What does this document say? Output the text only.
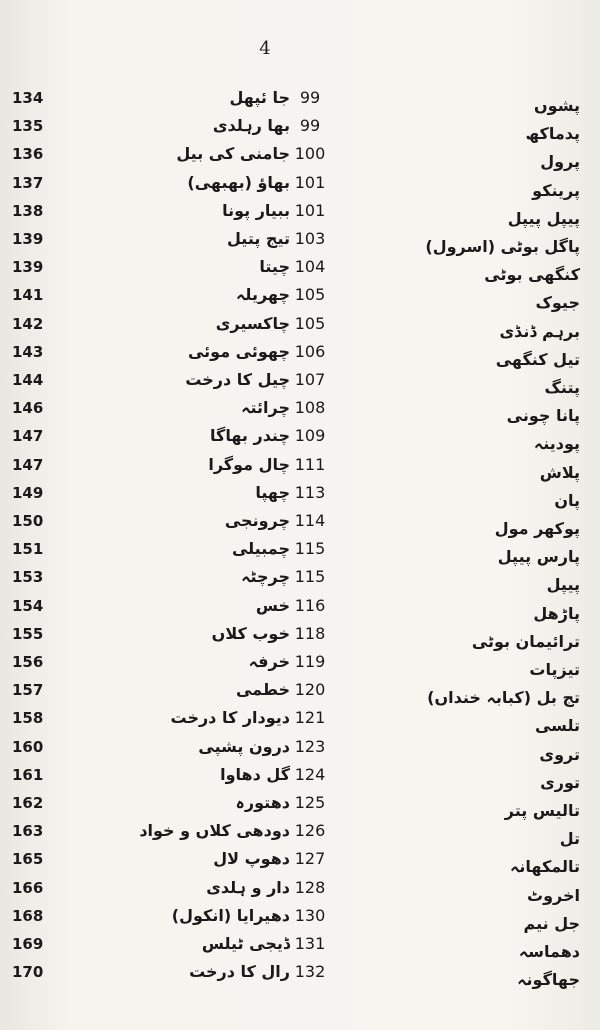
4
134	جا ئپھل 99	پشوں
135	بھا رہلدی 99	پدماکھ
136	جامنی کی بیل 100	پرول
137	بھاؤ (بھبھی) 101	پرینکو
138	ببیار پونا 101	پیپل پیپل
139	تیج پتیل 103	پاگل بوٹی (اسرول)
139	چیتا 104	کنگھی بوٹی
141	چھریلہ 105	جیوک
142	چاکسیری 105	برہم ڈنڈی
143	چھوئی موئی 106	تیل کنگھی
144	چیل کا درخت 107	پتنگ
146	چرائتہ 108	پانا چونی
147	چندر بھاگا 109	پودینہ
147	چال موگرا 111	پلاش
149	چھپا 113	پان
150	چرونجی 114	پوکھر مول
151	چمبیلی 115	پارس پیپل
153	چرچٹہ 115	پیپل
154	خس 116	پاڑھل
155	خوب کلاں 118	ترائیمان بوٹی
156	خرفہ 119	تیزپات
157	خطمی 120	تج بل (کبابہ خنداں)
158	دیودار کا درخت 121	تلسی
160	درون پشپی 123	تروی
161	گل دھاوا 124	توری
162	دھتورہ 125	تالیس پتر
163	دودھی کلاں و خواد 126	تل
165	دھوپ لال 127	تالمکھانہ
166	دار و ہلدی 128	اخروٹ
168	دھیرایا (انکول) 130	جل نیم
169	ڈیجی ٹیلس 131	دھماسہ
170	رال کا درخت 132	جھاگونہ
